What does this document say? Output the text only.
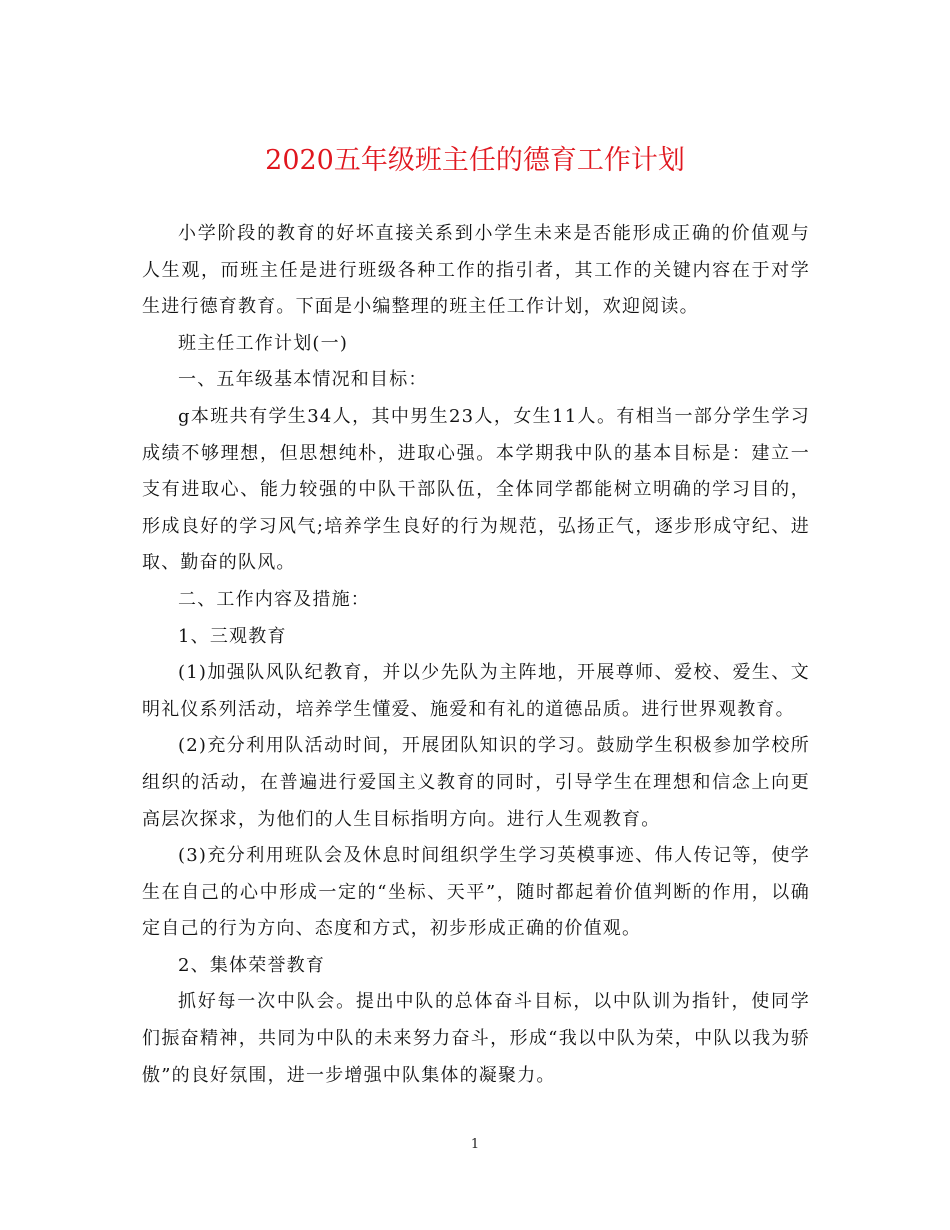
2020五年级班主任的德育工作计划

小学阶段的教育的好坏直接关系到小学生未来是否能形成正确的价值观与人生观，而班主任是进行班级各种工作的指引者，其工作的关键内容在于对学生进行德育教育。下面是小编整理的班主任工作计划，欢迎阅读。

班主任工作计划(一)

一、五年级基本情况和目标：

g本班共有学生34人，其中男生23人，女生11人。有相当一部分学生学习成绩不够理想，但思想纯朴，进取心强。本学期我中队的基本目标是：建立一支有进取心、能力较强的中队干部队伍，全体同学都能树立明确的学习目的，形成良好的学习风气;培养学生良好的行为规范，弘扬正气，逐步形成守纪、进取、勤奋的队风。

二、工作内容及措施：

1、三观教育

(1)加强队风队纪教育，并以少先队为主阵地，开展尊师、爱校、爱生、文明礼仪系列活动，培养学生懂爱、施爱和有礼的道德品质。进行世界观教育。

(2)充分利用队活动时间，开展团队知识的学习。鼓励学生积极参加学校所组织的活动，在普遍进行爱国主义教育的同时，引导学生在理想和信念上向更高层次探求，为他们的人生目标指明方向。进行人生观教育。

(3)充分利用班队会及休息时间组织学生学习英模事迹、伟人传记等，使学生在自己的心中形成一定的“坐标、天平”，随时都起着价值判断的作用，以确定自己的行为方向、态度和方式，初步形成正确的价值观。

2、集体荣誉教育

抓好每一次中队会。提出中队的总体奋斗目标，以中队训为指针，使同学们振奋精神，共同为中队的未来努力奋斗，形成“我以中队为荣，中队以我为骄傲”的良好氛围，进一步增强中队集体的凝聚力。

1
